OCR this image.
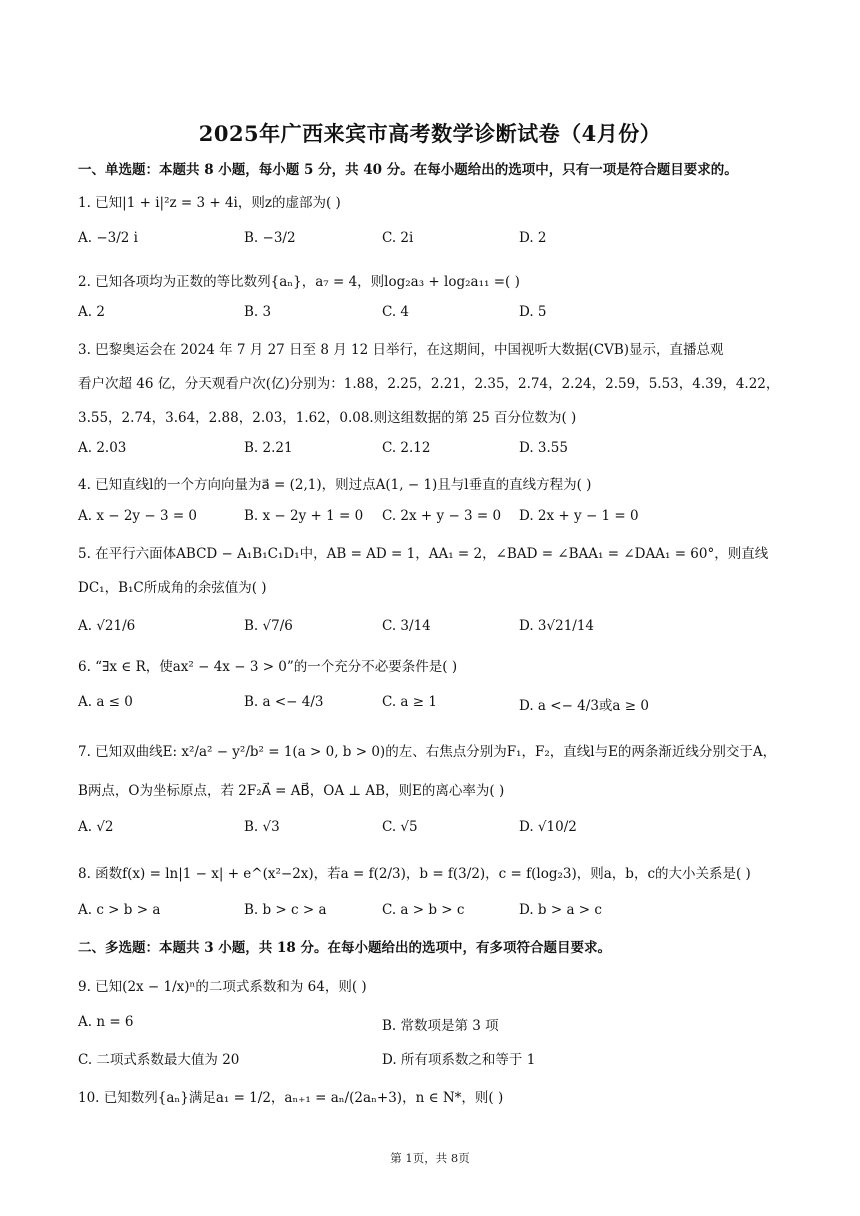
2025年广西来宾市高考数学诊断试卷（4月份）
一、单选题：本题共 8 小题，每小题 5 分，共 40 分。在每小题给出的选项中，只有一项是符合题目要求的。
1. 已知|1 + i|²z = 3 + 4i，则z的虚部为( )
A. −3/2 i	B. −3/2	C. 2i	D. 2
2. 已知各项均为正数的等比数列{aₙ}，a₇ = 4，则log₂a₃ + log₂a₁₁ =( )
A. 2	B. 3	C. 4	D. 5
3. 巴黎奥运会在 2024 年 7 月 27 日至 8 月 12 日举行，在这期间，中国视听大数据(CVB)显示，直播总观
看户次超 46 亿，分天观看户次(亿)分别为：1.88，2.25，2.21，2.35，2.74，2.24，2.59，5.53，4.39，4.22，
3.55，2.74，3.64，2.88，2.03，1.62，0.08.则这组数据的第 25 百分位数为( )
A. 2.03	B. 2.21	C. 2.12	D. 3.55
4. 已知直线l的一个方向向量为a⃗ = (2,1)，则过点A(1, − 1)且与l垂直的直线方程为( )
A. x − 2y − 3 = 0	B. x − 2y + 1 = 0 C. 2x + y − 3 = 0 D. 2x + y − 1 = 0
5. 在平行六面体ABCD − A₁B₁C₁D₁中，AB = AD = 1，AA₁ = 2，∠BAD = ∠BAA₁ = ∠DAA₁ = 60°，则直线
DC₁，B₁C所成角的余弦值为( )
A. √21/6	B. √7/6	C. 3/14	D. 3√21/14
6. “∃x ∈ R，使ax² − 4x − 3 > 0”的一个充分不必要条件是( )
A. a ≤ 0	B. a <− 4/3	C. a ≥ 1	D. a <− 4/3或a ≥ 0
7. 已知双曲线E: x²/a² − y²/b² = 1(a > 0, b > 0)的左、右焦点分别为F₁，F₂，直线l与E的两条渐近线分别交于A，
B两点，O为坐标原点，若 2F₂A⃗ = AB⃗，OA ⊥ AB，则E的离心率为( )
A. √2	B. √3	C. √5	D. √10/2
8. 函数f(x) = ln|1 − x| + e^(x²−2x)，若a = f(2/3)，b = f(3/2)，c = f(log₂3)，则a，b，c的大小关系是( )
A. c > b > a	B. b > c > a	C. a > b > c	D. b > a > c
二、多选题：本题共 3 小题，共 18 分。在每小题给出的选项中，有多项符合题目要求。
9. 已知(2x − 1/x)ⁿ的二项式系数和为 64，则( )
A. n = 6	B. 常数项是第 3 项
C. 二项式系数最大值为 20	D. 所有项系数之和等于 1
10. 已知数列{aₙ}满足a₁ = 1/2，aₙ₊₁ = aₙ/(2aₙ+3)，n ∈ N*，则( )
第 1页，共 8页
